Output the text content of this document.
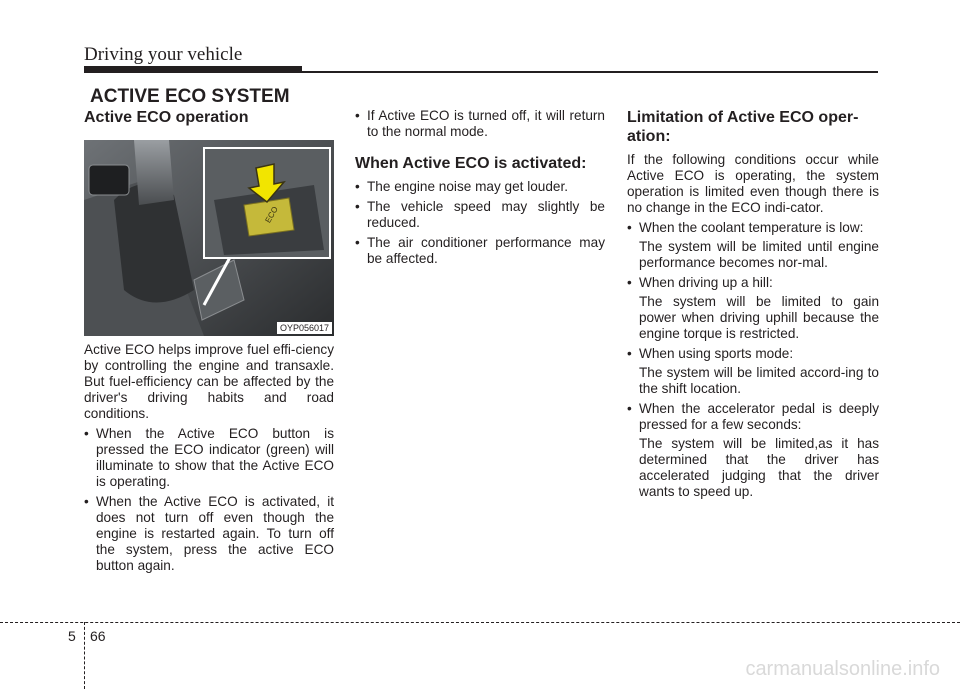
Driving your vehicle
ACTIVE ECO SYSTEM
Active ECO operation

Active ECO helps improve fuel effi-ciency by controlling the engine and transaxle. But fuel-efficiency can be affected by the driver's driving habits and road conditions.

• When the Active ECO button is pressed the ECO indicator (green) will illuminate to show that the Active ECO is operating.
• When the Active ECO is activated, it does not turn off even though the engine is restarted again. To turn off the system, press the active ECO button again.
ECO
OYP056017
• If Active ECO is turned off, it will return to the normal mode.
When Active ECO is activated:
• The engine noise may get louder.
• The vehicle speed may slightly be reduced.
• The air conditioner performance may be affected.
Limitation of Active ECO oper-ation:

If the following conditions occur while Active ECO is operating, the system operation is limited even though there is no change in the ECO indi-cator.

• When the coolant temperature is low:

The system will be limited until engine performance becomes nor-mal.

• When driving up a hill:

The system will be limited to gain power when driving uphill because the engine torque is restricted.

• When using sports mode:

The system will be limited accord-ing to the shift location.

• When the accelerator pedal is deeply pressed for a few seconds:

The system will be limited,as it has determined that the driver has accelerated judging that the driver wants to speed up.

5 66
carmanualsonline.info
